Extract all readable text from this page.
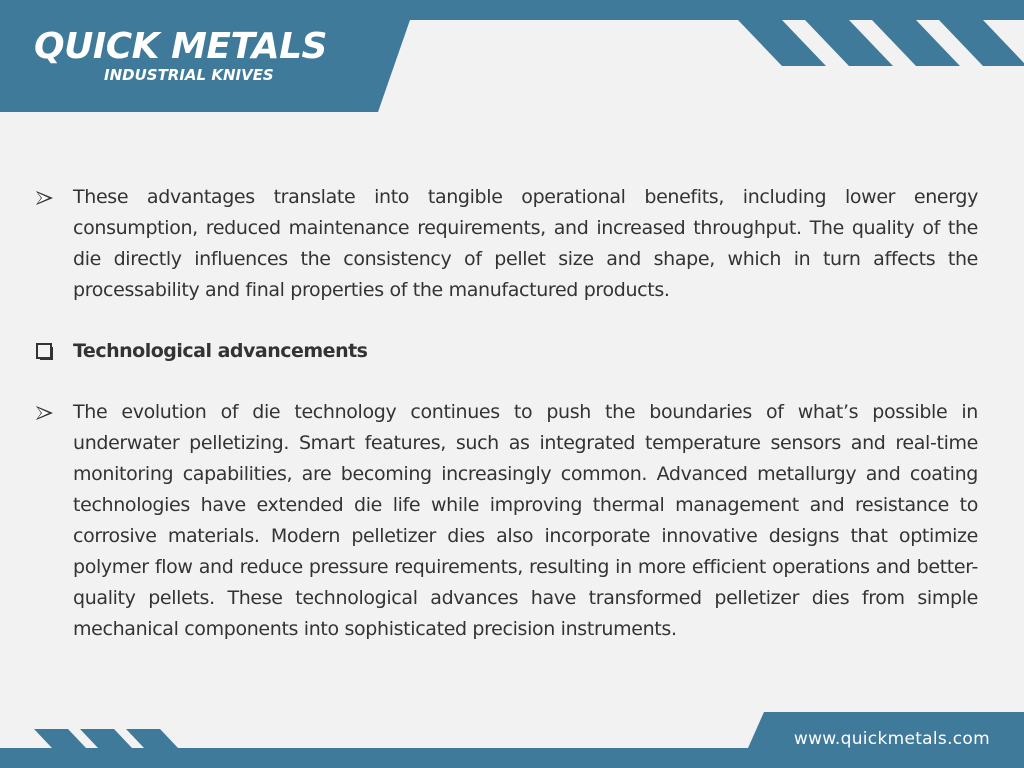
QUICK METALS
INDUSTRIAL KNIVES

These advantages translate into tangible operational benefits, including lower energy consumption, reduced maintenance requirements, and increased throughput. The quality of the die directly influences the consistency of pellet size and shape, which in turn affects the processability and final properties of the manufactured products.

Technological advancements

The evolution of die technology continues to push the boundaries of what’s possible in underwater pelletizing. Smart features, such as integrated temperature sensors and real-time monitoring capabilities, are becoming increasingly common. Advanced metallurgy and coating technologies have extended die life while improving thermal management and resistance to corrosive materials. Modern pelletizer dies also incorporate innovative designs that optimize polymer flow and reduce pressure requirements, resulting in more efficient operations and better-quality pellets. These technological advances have transformed pelletizer dies from simple mechanical components into sophisticated precision instruments.

www.quickmetals.com
